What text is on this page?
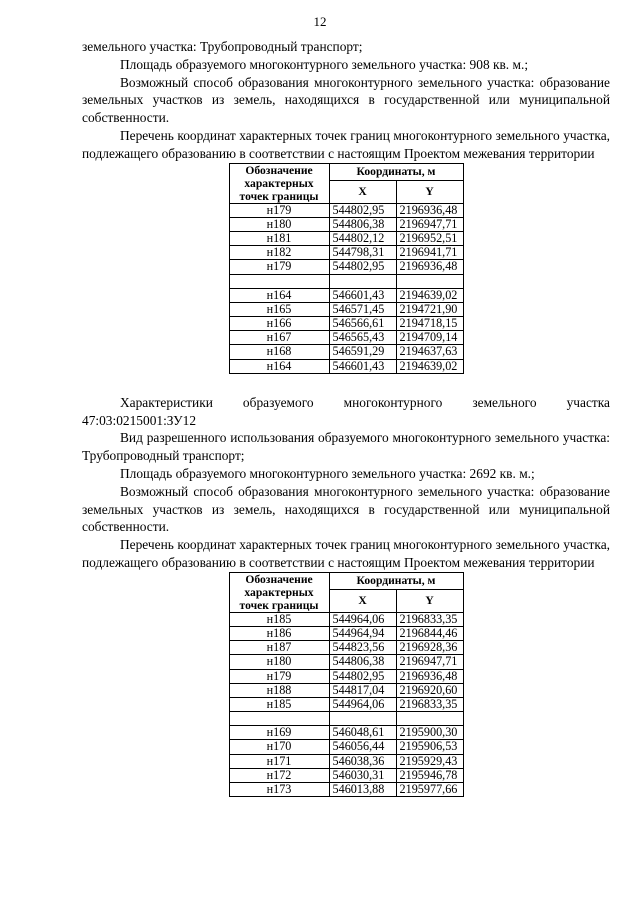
12

земельного участка: Трубопроводный транспорт;

Площадь образуемого многоконтурного земельного участка: 908 кв. м.;

Возможный способ образования многоконтурного земельного участка: образование земельных участков из земель, находящихся в государственной или муниципальной собственности.

Перечень координат характерных точек границ многоконтурного земельного участка, подлежащего образованию в соответствии с настоящим Проектом межевания территории

Обозначение характерных точек границы	Координаты, м	
	X	Y
н179	544802,95	2196936,48
н180	544806,38	2196947,71
н181	544802,12	2196952,51
н182	544798,31	2196941,71
н179	544802,95	2196936,48

н164	546601,43	2194639,02
н165	546571,45	2194721,90
н166	546566,61	2194718,15
н167	546565,43	2194709,14
н168	546591,29	2194637,63
н164	546601,43	2194639,02

Характеристики образуемого многоконтурного земельного участка 47:03:0215001:ЗУ12

Вид разрешенного использования образуемого многоконтурного земельного участка: Трубопроводный транспорт;

Площадь образуемого многоконтурного земельного участка: 2692 кв. м.;

Возможный способ образования многоконтурного земельного участка: образование земельных участков из земель, находящихся в государственной или муниципальной собственности.

Перечень координат характерных точек границ многоконтурного земельного участка, подлежащего образованию в соответствии с настоящим Проектом межевания территории

Обозначение характерных точек границы	Координаты, м	
	X	Y
н185	544964,06	2196833,35
н186	544964,94	2196844,46
н187	544823,56	2196928,36
н180	544806,38	2196947,71
н179	544802,95	2196936,48
н188	544817,04	2196920,60
н185	544964,06	2196833,35

н169	546048,61	2195900,30
н170	546056,44	2195906,53
н171	546038,36	2195929,43
н172	546030,31	2195946,78
н173	546013,88	2195977,66
